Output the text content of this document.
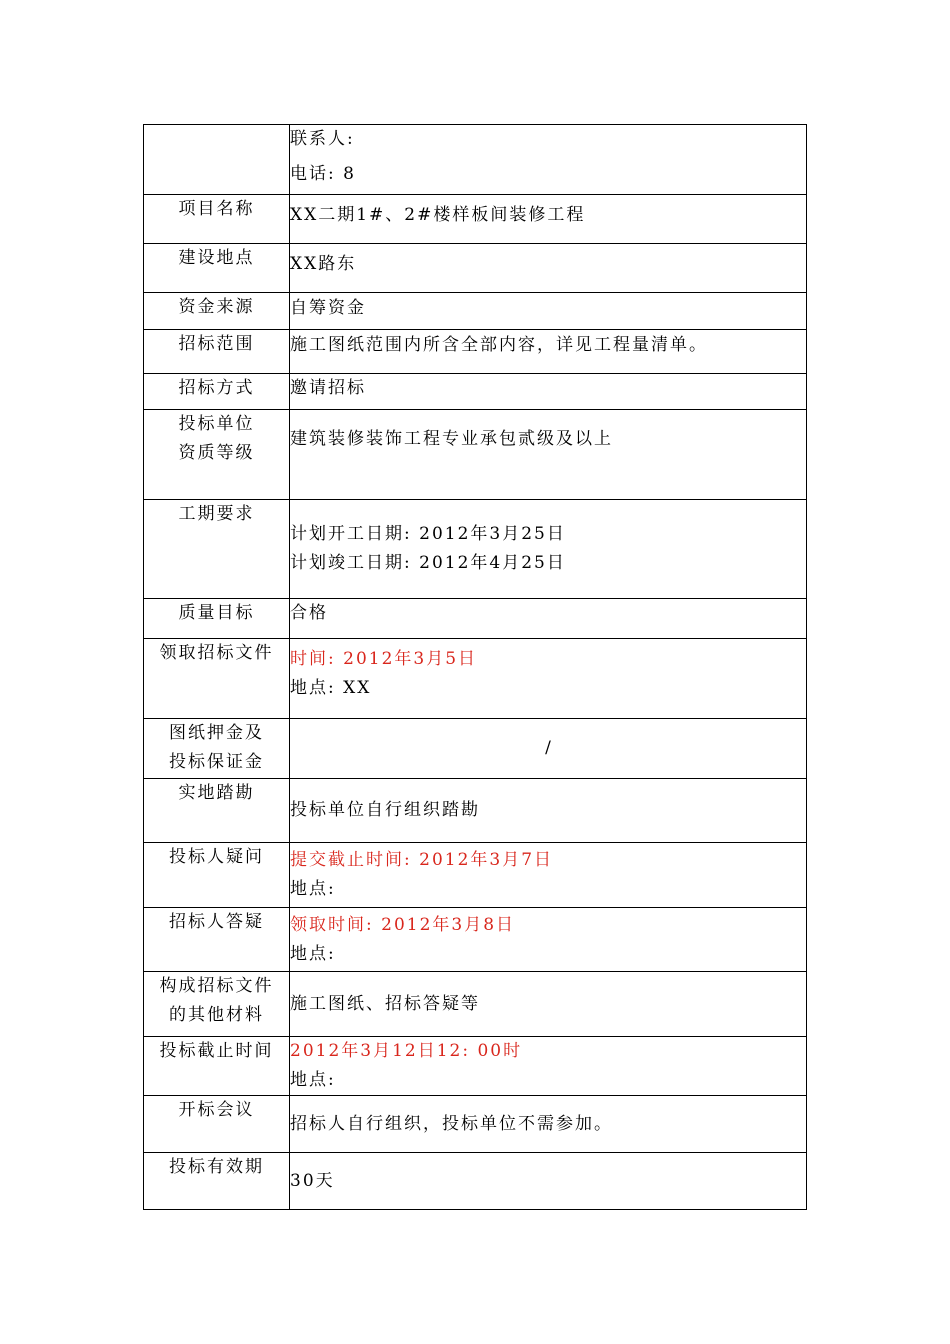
	联系人:
电话: 8

项目名称	XX二期1#、2#楼样板间装修工程

建设地点	XX路东

资金来源	自筹资金

招标范围	施工图纸范围内所含全部内容，详见工程量清单。

招标方式	邀请招标

投标单位
资质等级	建筑装修装饰工程专业承包贰级及以上

工期要求	计划开工日期: 2012年3月25日
计划竣工日期: 2012年4月25日

质量目标	合格

领取招标文件	时间: 2012年3月5日
地点: XX

图纸押金及
投标保证金	/

实地踏勘	投标单位自行组织踏勘

投标人疑问	提交截止时间: 2012年3月7日
地点:

招标人答疑	领取时间: 2012年3月8日
地点:

构成招标文件
的其他材料	施工图纸、招标答疑等

投标截止时间	2012年3月12日12: 00时
地点:

开标会议	招标人自行组织，投标单位不需参加。

投标有效期	30天
